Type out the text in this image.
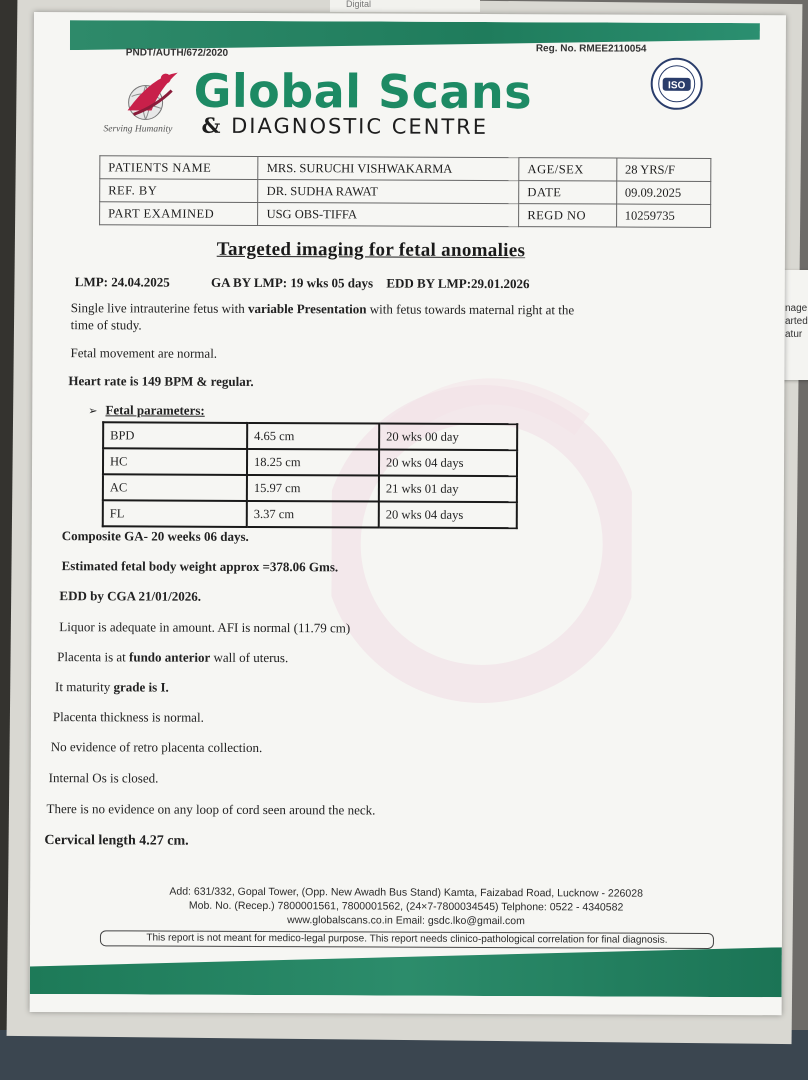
Digital
nage
arted
atur
PNDT/AUTH/672/2020	Reg. No. RMEE2110054
Global Scans
& DIAGNOSTIC CENTRE
Serving Humanity
ISO
PATIENTS NAME	MRS. SURUCHI VISHWAKARMA	AGE/SEX	28 YRS/F
REF. BY	DR. SUDHA RAWAT	DATE	09.09.2025
PART EXAMINED	USG OBS-TIFFA	REGD NO	10259735
Targeted imaging for fetal anomalies
LMP: 24.04.2025	GA BY LMP: 19 wks 05 days EDD BY LMP:29.01.2026
Single live intrauterine fetus with variable Presentation with fetus towards maternal right at the
time of study.
Fetal movement are normal.
Heart rate is 149 BPM & regular.
➢ Fetal parameters:
BPD	4.65 cm	20 wks 00 day
HC	18.25 cm	20 wks 04 days
AC	15.97 cm	21 wks 01 day
FL	3.37 cm	20 wks 04 days
Composite GA- 20 weeks 06 days.
Estimated fetal body weight approx =378.06 Gms.
EDD by CGA 21/01/2026.
Liquor is adequate in amount. AFI is normal (11.79 cm)
Placenta is at fundo anterior wall of uterus.
It maturity grade is I.
Placenta thickness is normal.
No evidence of retro placenta collection.
Internal Os is closed.
There is no evidence on any loop of cord seen around the neck.
Cervical length 4.27 cm.
Add: 631/332, Gopal Tower, (Opp. New Awadh Bus Stand) Kamta, Faizabad Road, Lucknow - 226028
Mob. No. (Recep.) 7800001561, 7800001562, (24×7-7800034545) Telphone: 0522 - 4340582
www.globalscans.co.in Email: gsdc.lko@gmail.com
This report is not meant for medico-legal purpose. This report needs clinico-pathological correlation for final diagnosis.
